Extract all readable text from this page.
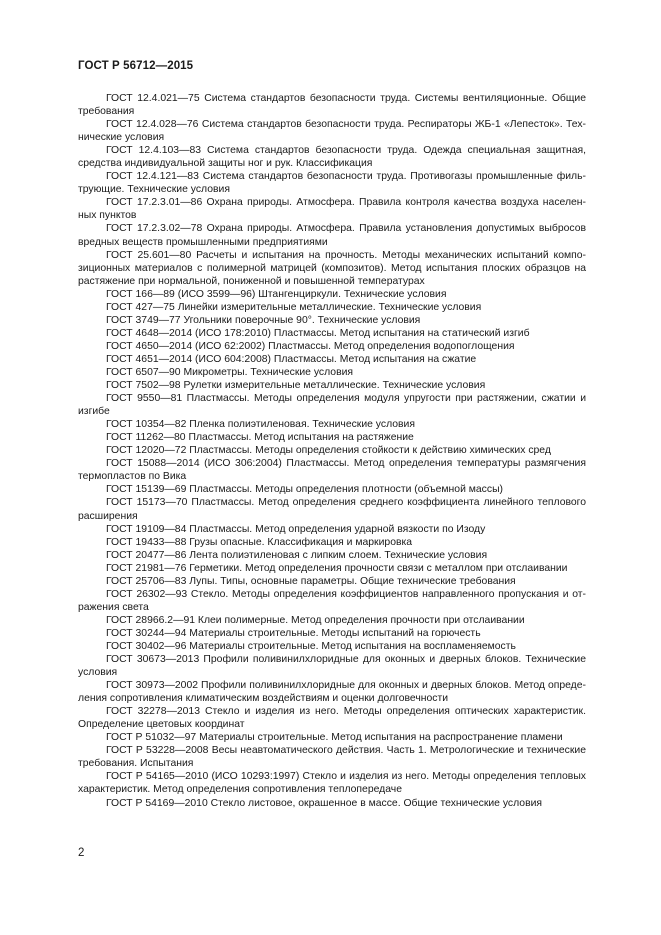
ГОСТ Р 56712—2015

ГОСТ 12.4.021—75 Система стандартов безопасности труда. Системы вентиляционные. Общие требования

ГОСТ 12.4.028—76 Система стандартов безопасности труда. Респираторы ЖБ-1 «Лепесток». Технические условия

ГОСТ 12.4.103—83 Система стандартов безопасности труда. Одежда специальная защитная, средства индивидуальной защиты ног и рук. Классификация

ГОСТ 12.4.121—83 Система стандартов безопасности труда. Противогазы промышленные фильтрующие. Технические условия

ГОСТ 17.2.3.01—86 Охрана природы. Атмосфера. Правила контроля качества воздуха населенных пунктов

ГОСТ 17.2.3.02—78 Охрана природы. Атмосфера. Правила установления допустимых выбросов вредных веществ промышленными предприятиями

ГОСТ 25.601—80 Расчеты и испытания на прочность. Методы механических испытаний композиционных материалов с полимерной матрицей (композитов). Метод испытания плоских образцов на растяжение при нормальной, пониженной и повышенной температурах

ГОСТ 166—89 (ИСО 3599—96) Штангенциркули. Технические условия

ГОСТ 427—75 Линейки измерительные металлические. Технические условия

ГОСТ 3749—77 Угольники поверочные 90°. Технические условия

ГОСТ 4648—2014 (ИСО 178:2010) Пластмассы. Метод испытания на статический изгиб

ГОСТ 4650—2014 (ИСО 62:2002) Пластмассы. Метод определения водопоглощения

ГОСТ 4651—2014 (ИСО 604:2008) Пластмассы. Метод испытания на сжатие

ГОСТ 6507—90 Микрометры. Технические условия

ГОСТ 7502—98 Рулетки измерительные металлические. Технические условия

ГОСТ 9550—81 Пластмассы. Методы определения модуля упругости при растяжении, сжатии и изгибе

ГОСТ 10354—82 Пленка полиэтиленовая. Технические условия

ГОСТ 11262—80 Пластмассы. Метод испытания на растяжение

ГОСТ 12020—72 Пластмассы. Методы определения стойкости к действию химических сред

ГОСТ 15088—2014 (ИСО 306:2004) Пластмассы. Метод определения температуры размягчения термопластов по Вика

ГОСТ 15139—69 Пластмассы. Методы определения плотности (объемной массы)

ГОСТ 15173—70 Пластмассы. Метод определения среднего коэффициента линейного теплового расширения

ГОСТ 19109—84 Пластмассы. Метод определения ударной вязкости по Изоду

ГОСТ 19433—88 Грузы опасные. Классификация и маркировка

ГОСТ 20477—86 Лента полиэтиленовая с липким слоем. Технические условия

ГОСТ 21981—76 Герметики. Метод определения прочности связи с металлом при отслаивании

ГОСТ 25706—83 Лупы. Типы, основные параметры. Общие технические требования

ГОСТ 26302—93 Стекло. Методы определения коэффициентов направленного пропускания и отражения света

ГОСТ 28966.2—91 Клеи полимерные. Метод определения прочности при отслаивании

ГОСТ 30244—94 Материалы строительные. Методы испытаний на горючесть

ГОСТ 30402—96 Материалы строительные. Метод испытания на воспламеняемость

ГОСТ 30673—2013 Профили поливинилхлоридные для оконных и дверных блоков. Технические условия

ГОСТ 30973—2002 Профили поливинилхлоридные для оконных и дверных блоков. Метод определения сопротивления климатическим воздействиям и оценки долговечности

ГОСТ 32278—2013 Стекло и изделия из него. Методы определения оптических характеристик. Определение цветовых координат

ГОСТ Р 51032—97 Материалы строительные. Метод испытания на распространение пламени

ГОСТ Р 53228—2008 Весы неавтоматического действия. Часть 1. Метрологические и технические требования. Испытания

ГОСТ Р 54165—2010 (ИСО 10293:1997) Стекло и изделия из него. Методы определения тепловых характеристик. Метод определения сопротивления теплопередаче

ГОСТ Р 54169—2010 Стекло листовое, окрашенное в массе. Общие технические условия

2
